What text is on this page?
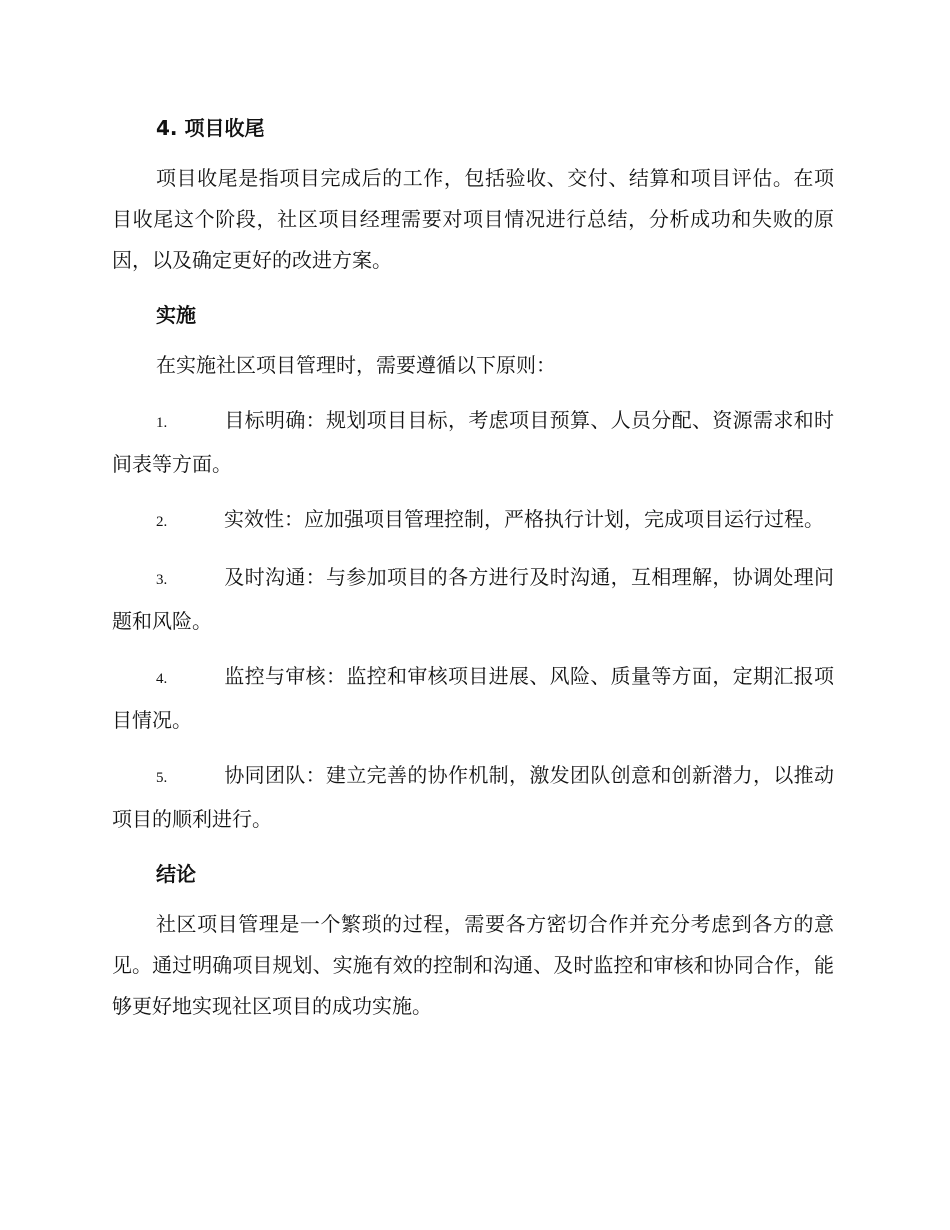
4. 项目收尾

项目收尾是指项目完成后的工作，包括验收、交付、结算和项目评估。在项目收尾这个阶段，社区项目经理需要对项目情况进行总结，分析成功和失败的原因，以及确定更好的改进方案。

实施

在实施社区项目管理时，需要遵循以下原则：

1.	目标明确：规划项目目标，考虑项目预算、人员分配、资源需求和时间表等方面。

2.	实效性：应加强项目管理控制，严格执行计划，完成项目运行过程。

3.	及时沟通：与参加项目的各方进行及时沟通，互相理解，协调处理问题和风险。

4.	监控与审核：监控和审核项目进展、风险、质量等方面，定期汇报项目情况。

5.	协同团队：建立完善的协作机制，激发团队创意和创新潜力，以推动项目的顺利进行。

结论

社区项目管理是一个繁琐的过程，需要各方密切合作并充分考虑到各方的意见。通过明确项目规划、实施有效的控制和沟通、及时监控和审核和协同合作，能够更好地实现社区项目的成功实施。
